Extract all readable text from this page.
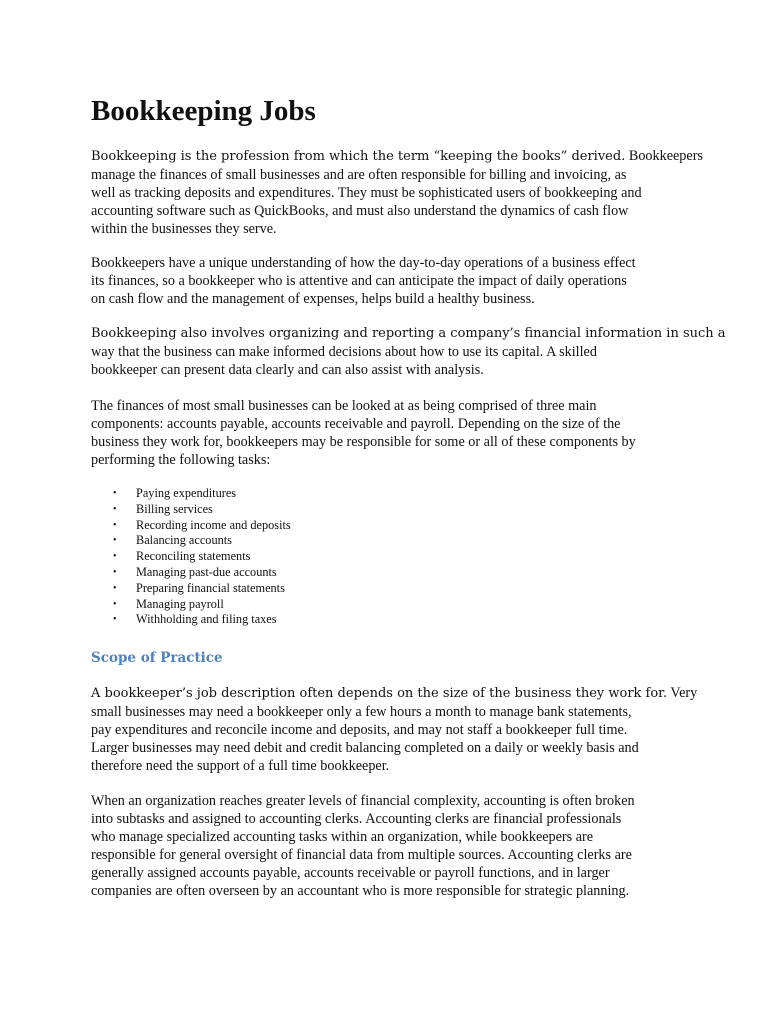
Bookkeeping Jobs

Bookkeeping is the profession from which the term “keeping the books” derived. Bookkeepers
manage the finances of small businesses and are often responsible for billing and invoicing, as
well as tracking deposits and expenditures. They must be sophisticated users of bookkeeping and
accounting software such as QuickBooks, and must also understand the dynamics of cash flow
within the businesses they serve.

Bookkeepers have a unique understanding of how the day-to-day operations of a business effect
its finances, so a bookkeeper who is attentive and can anticipate the impact of daily operations
on cash flow and the management of expenses, helps build a healthy business.

Bookkeeping also involves organizing and reporting a company’s financial information in such a
way that the business can make informed decisions about how to use its capital. A skilled
bookkeeper can present data clearly and can also assist with analysis.

The finances of most small businesses can be looked at as being comprised of three main
components: accounts payable, accounts receivable and payroll. Depending on the size of the
business they work for, bookkeepers may be responsible for some or all of these components by
performing the following tasks:

• Paying expenditures
• Billing services
• Recording income and deposits
• Balancing accounts
• Reconciling statements
• Managing past-due accounts
• Preparing financial statements
• Managing payroll
• Withholding and filing taxes
Scope of Practice

A bookkeeper’s job description often depends on the size of the business they work for. Very
small businesses may need a bookkeeper only a few hours a month to manage bank statements,
pay expenditures and reconcile income and deposits, and may not staff a bookkeeper full time.
Larger businesses may need debit and credit balancing completed on a daily or weekly basis and
therefore need the support of a full time bookkeeper.

When an organization reaches greater levels of financial complexity, accounting is often broken
into subtasks and assigned to accounting clerks. Accounting clerks are financial professionals
who manage specialized accounting tasks within an organization, while bookkeepers are
responsible for general oversight of financial data from multiple sources. Accounting clerks are
generally assigned accounts payable, accounts receivable or payroll functions, and in larger
companies are often overseen by an accountant who is more responsible for strategic planning.
